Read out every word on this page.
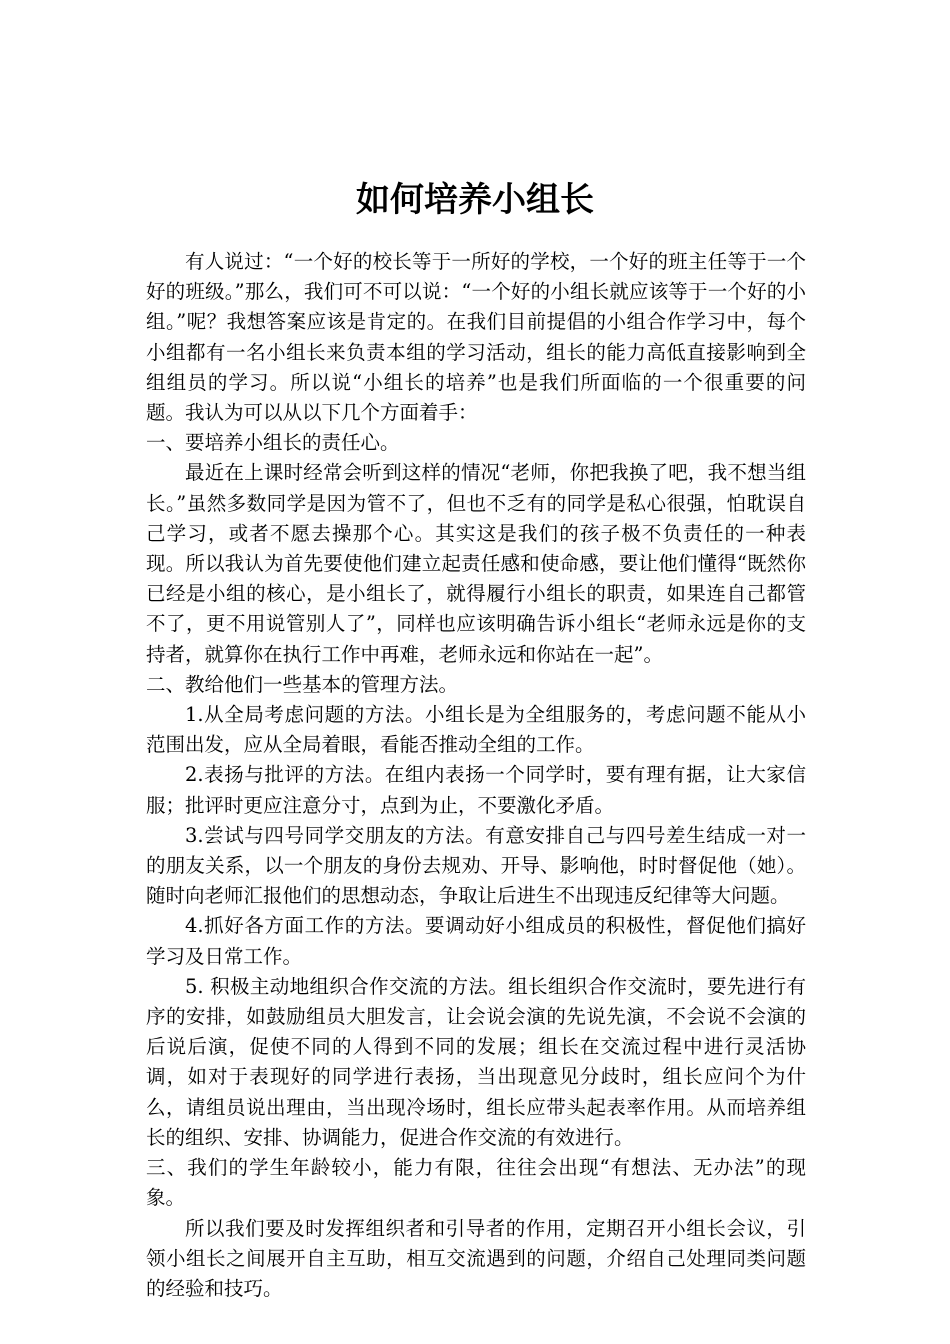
如何培养小组长

有人说过：“一个好的校长等于一所好的学校，一个好的班主任等于一个好的班级。”那么，我们可不可以说：“一个好的小组长就应该等于一个好的小组。”呢？我想答案应该是肯定的。在我们目前提倡的小组合作学习中，每个小组都有一名小组长来负责本组的学习活动，组长的能力高低直接影响到全组组员的学习。所以说“小组长的培养”也是我们所面临的一个很重要的问题。我认为可以从以下几个方面着手：

一、要培养小组长的责任心。

最近在上课时经常会听到这样的情况“老师，你把我换了吧，我不想当组长。”虽然多数同学是因为管不了，但也不乏有的同学是私心很强，怕耽误自己学习，或者不愿去操那个心。其实这是我们的孩子极不负责任的一种表现。所以我认为首先要使他们建立起责任感和使命感，要让他们懂得“既然你已经是小组的核心，是小组长了，就得履行小组长的职责，如果连自己都管不了，更不用说管别人了”，同样也应该明确告诉小组长“老师永远是你的支持者，就算你在执行工作中再难，老师永远和你站在一起”。

二、教给他们一些基本的管理方法。

1.从全局考虑问题的方法。小组长是为全组服务的，考虑问题不能从小范围出发，应从全局着眼，看能否推动全组的工作。

2.表扬与批评的方法。在组内表扬一个同学时，要有理有据，让大家信服；批评时更应注意分寸，点到为止，不要激化矛盾。

3.尝试与四号同学交朋友的方法。有意安排自己与四号差生结成一对一的朋友关系，以一个朋友的身份去规劝、开导、影响他，时时督促他（她）。随时向老师汇报他们的思想动态，争取让后进生不出现违反纪律等大问题。

4.抓好各方面工作的方法。要调动好小组成员的积极性，督促他们搞好学习及日常工作。

5. 积极主动地组织合作交流的方法。组长组织合作交流时，要先进行有序的安排，如鼓励组员大胆发言，让会说会演的先说先演，不会说不会演的后说后演，促使不同的人得到不同的发展；组长在交流过程中进行灵活协调，如对于表现好的同学进行表扬，当出现意见分歧时，组长应问个为什么，请组员说出理由，当出现冷场时，组长应带头起表率作用。从而培养组长的组织、安排、协调能力，促进合作交流的有效进行。

三、我们的学生年龄较小，能力有限，往往会出现“有想法、无办法”的现象。

所以我们要及时发挥组织者和引导者的作用，定期召开小组长会议，引领小组长之间展开自主互助，相互交流遇到的问题，介绍自己处理同类问题的经验和技巧。
